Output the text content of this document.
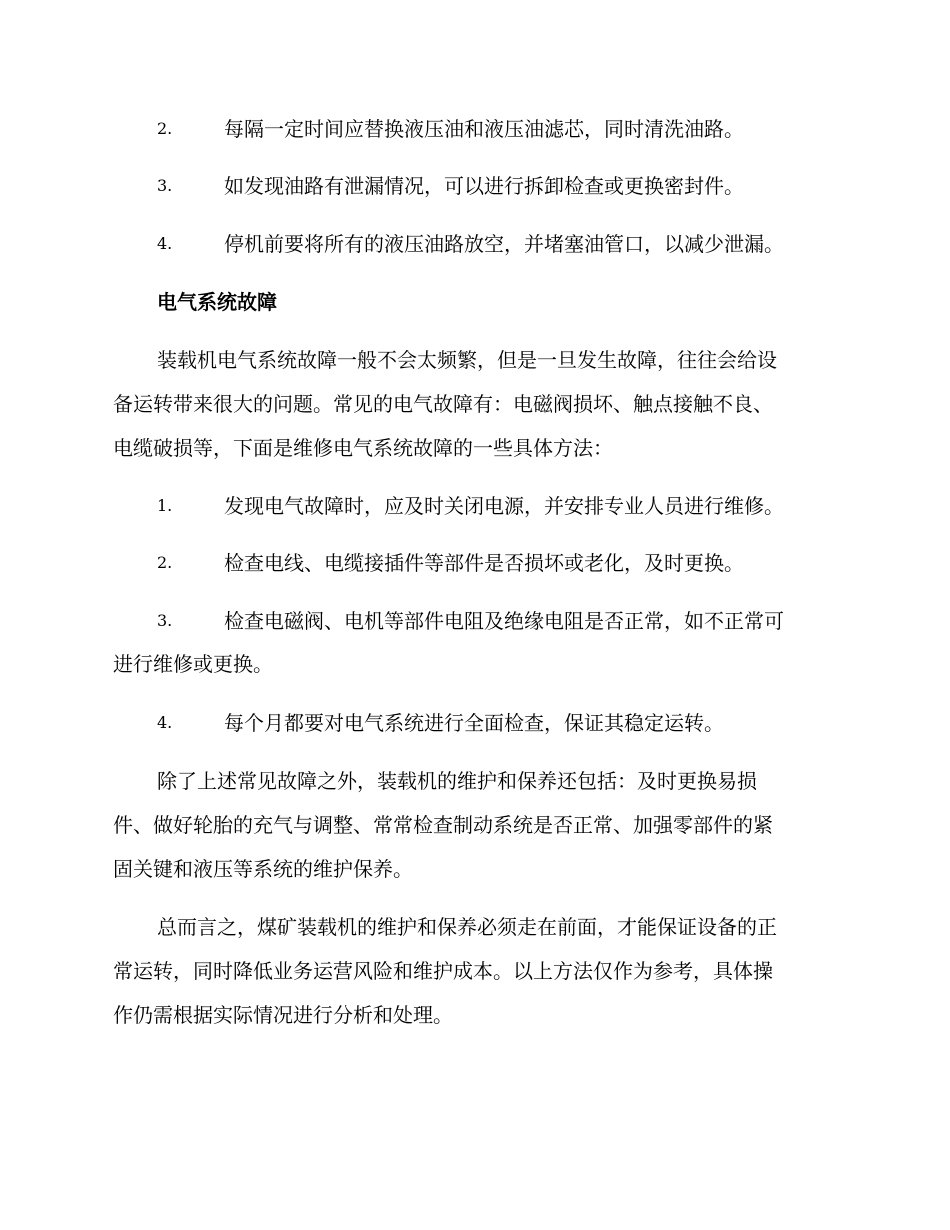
2.	每隔一定时间应替换液压油和液压油滤芯，同时清洗油路。
3.	如发现油路有泄漏情况，可以进行拆卸检查或更换密封件。
4.	停机前要将所有的液压油路放空，并堵塞油管口，以减少泄漏。
电气系统故障
装载机电气系统故障一般不会太频繁，但是一旦发生故障，往往会给设
备运转带来很大的问题。常见的电气故障有：电磁阀损坏、触点接触不良、
电缆破损等，下面是维修电气系统故障的一些具体方法：
1.	发现电气故障时，应及时关闭电源，并安排专业人员进行维修。
2.	检查电线、电缆接插件等部件是否损坏或老化，及时更换。
3.	检查电磁阀、电机等部件电阻及绝缘电阻是否正常，如不正常可
进行维修或更换。
4.	每个月都要对电气系统进行全面检查，保证其稳定运转。
除了上述常见故障之外，装载机的维护和保养还包括：及时更换易损
件、做好轮胎的充气与调整、常常检查制动系统是否正常、加强零部件的紧
固关键和液压等系统的维护保养。
总而言之，煤矿装载机的维护和保养必须走在前面，才能保证设备的正
常运转，同时降低业务运营风险和维护成本。以上方法仅作为参考，具体操
作仍需根据实际情况进行分析和处理。
